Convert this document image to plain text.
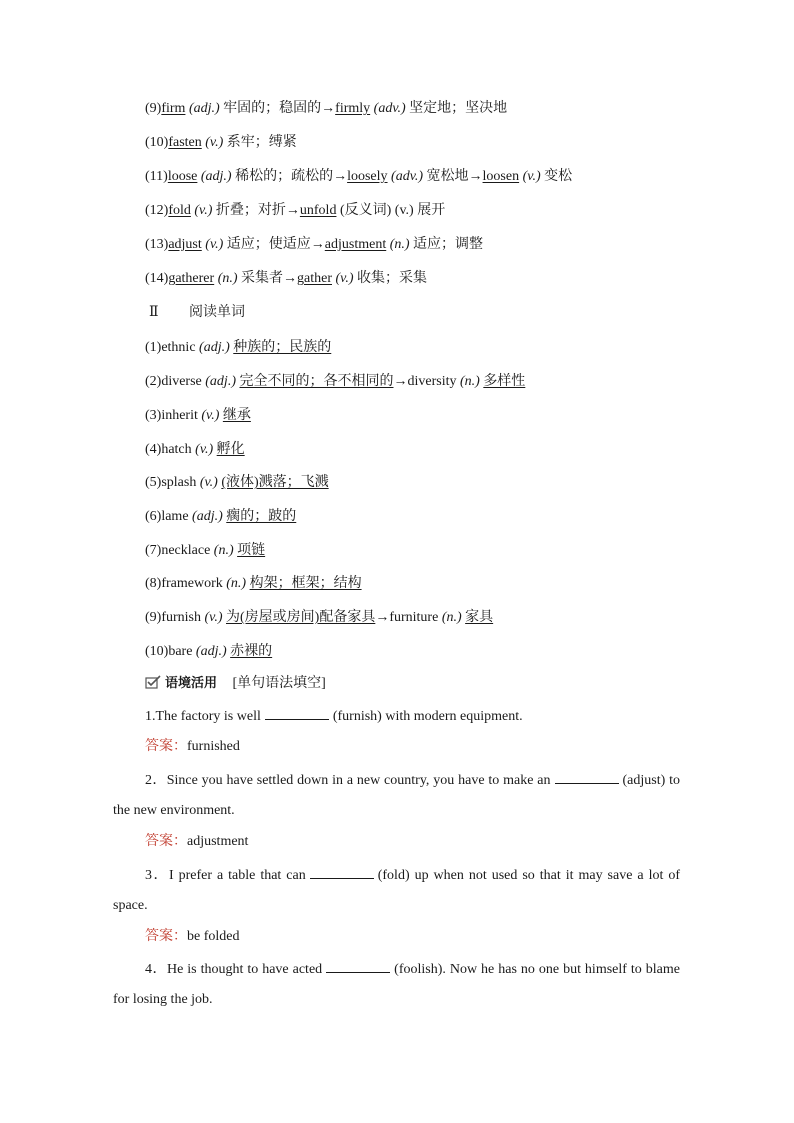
(9)firm (adj.) 牢固的；稳固的→firmly (adv.) 坚定地；坚决地
(10)fasten (v.) 系牢；缚紧
(11)loose (adj.) 稀松的；疏松的→loosely (adv.) 宽松地→loosen (v.) 变松
(12)fold (v.) 折叠；对折→unfold (反义词) (v.) 展开
(13)adjust (v.) 适应；使适应→adjustment (n.) 适应；调整
(14)gatherer (n.) 采集者→gather (v.) 收集；采集
Ⅱ 阅读单词
(1)ethnic (adj.) 种族的；民族的
(2)diverse (adj.) 完全不同的；各不相同的→diversity (n.) 多样性
(3)inherit (v.) 继承
(4)hatch (v.) 孵化
(5)splash (v.) (液体)溅落；飞溅
(6)lame (adj.) 瘸的；跛的
(7)necklace (n.) 项链
(8)framework (n.) 构架；框架；结构
(9)furnish (v.) 为(房屋或房间)配备家具→furniture (n.) 家具
(10)bare (adj.) 赤裸的
语境活用 [单句语法填空]
1.The factory is well	(furnish) with modern equipment.
答案：furnished
2．Since you have settled down in a new country, you have to make an	(adjust) to the new environment.
答案：adjustment
3．I prefer a table that can	(fold) up when not used so that it may save a lot of space.
答案：be folded
4．He is thought to have acted	(foolish). Now he has no one but himself to blame for losing the job.
